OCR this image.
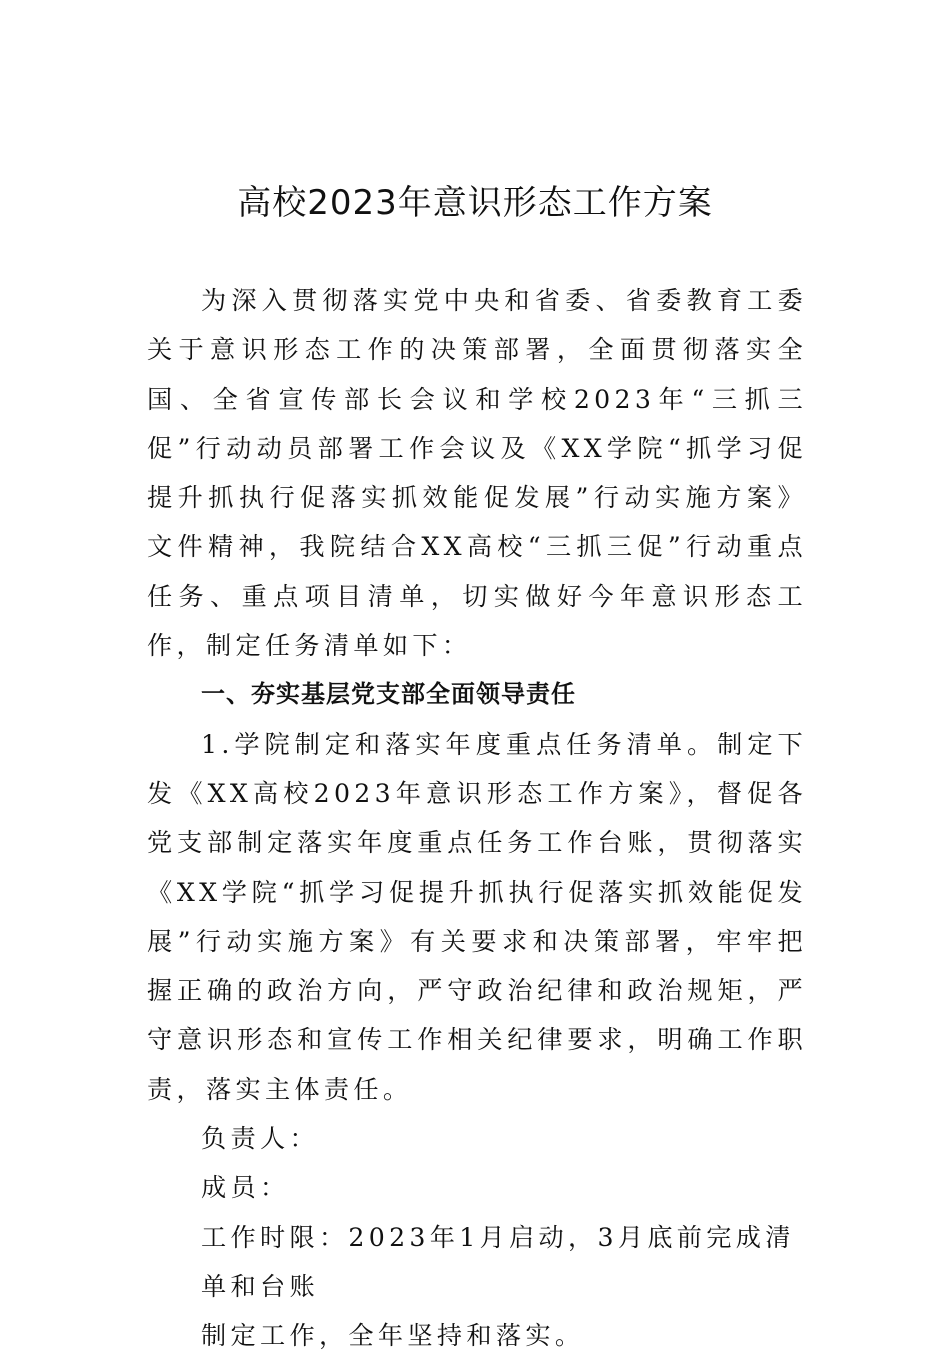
高校2023年意识形态工作方案

为深入贯彻落实党中央和省委、省委教育工委关于意识形态工作的决策部署，全面贯彻落实全国、全省宣传部长会议和学校2023年“三抓三促”行动动员部署工作会议及《XX学院“抓学习促提升抓执行促落实抓效能促发展”行动实施方案》文件精神，我院结合XX高校“三抓三促”行动重点任务、重点项目清单，切实做好今年意识形态工作，制定任务清单如下：

一、夯实基层党支部全面领导责任

1.学院制定和落实年度重点任务清单。制定下发《XX高校2023年意识形态工作方案》，督促各党支部制定落实年度重点任务工作台账，贯彻落实《XX学院“抓学习促提升抓执行促落实抓效能促发展”行动实施方案》有关要求和决策部署，牢牢把握正确的政治方向，严守政治纪律和政治规矩，严守意识形态和宣传工作相关纪律要求，明确工作职责，落实主体责任。

负责人：
成员：
工作时限：2023年1月启动，3月底前完成清单和台账
制定工作，全年坚持和落实。
